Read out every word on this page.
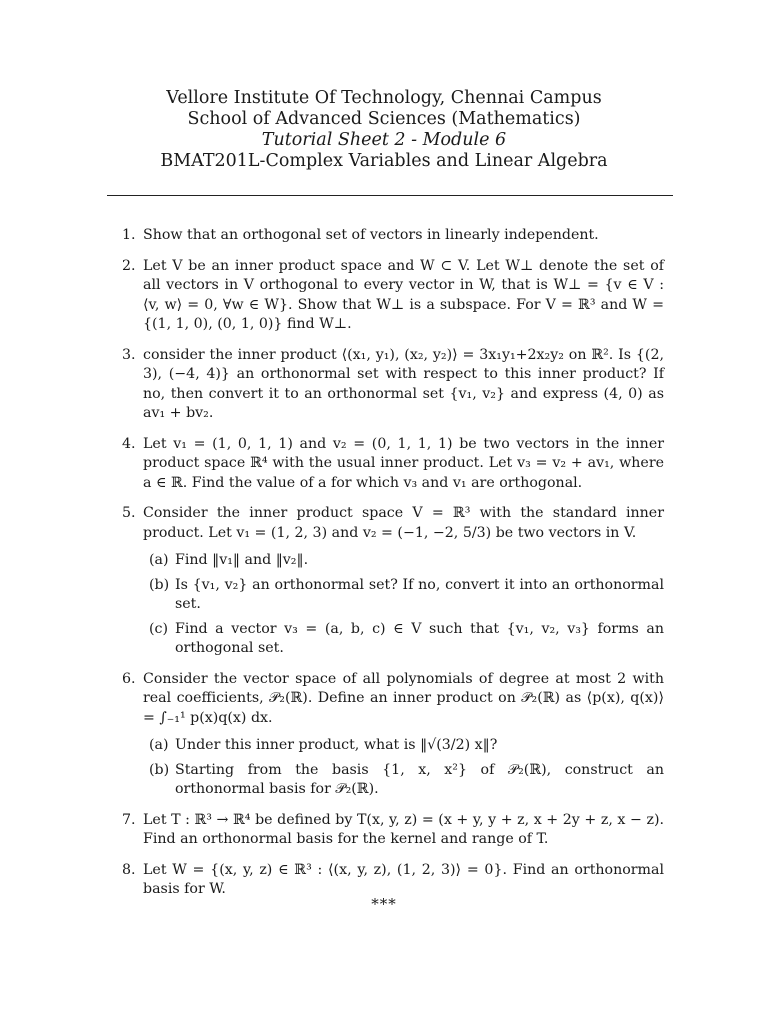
Vellore Institute Of Technology, Chennai Campus
School of Advanced Sciences (Mathematics)
Tutorial Sheet 2 - Module 6
BMAT201L-Complex Variables and Linear Algebra
1. Show that an orthogonal set of vectors in linearly independent.
2. Let V be an inner product space and W ⊂ V. Let W⊥ denote the set of all vectors in V orthogonal to every vector in W, that is W⊥ = {v ∈ V : ⟨v, w⟩ = 0, ∀w ∈ W}. Show that W⊥ is a subspace. For V = ℝ³ and W = {(1, 1, 0), (0, 1, 0)} find W⊥.
3. consider the inner product ⟨(x₁, y₁), (x₂, y₂)⟩ = 3x₁y₁+2x₂y₂ on ℝ². Is {(2, 3), (−4, 4)} an orthonormal set with respect to this inner product? If no, then convert it to an orthonormal set {v₁, v₂} and express (4, 0) as av₁ + bv₂.
4. Let v₁ = (1, 0, 1, 1) and v₂ = (0, 1, 1, 1) be two vectors in the inner product space ℝ⁴ with the usual inner product. Let v₃ = v₂ + av₁, where a ∈ ℝ. Find the value of a for which v₃ and v₁ are orthogonal.
5. Consider the inner product space V = ℝ³ with the standard inner product. Let v₁ = (1, 2, 3) and v₂ = (−1, −2, 5/3) be two vectors in V.
(a) Find ‖v₁‖ and ‖v₂‖.
(b) Is {v₁, v₂} an orthonormal set? If no, convert it into an orthonormal set.
(c) Find a vector v₃ = (a, b, c) ∈ V such that {v₁, v₂, v₃} forms an orthogonal set.
6. Consider the vector space of all polynomials of degree at most 2 with real coefficients, 𝒫₂(ℝ). Define an inner product on 𝒫₂(ℝ) as ⟨p(x), q(x)⟩ = ∫₋₁¹ p(x)q(x) dx.
(a) Under this inner product, what is ‖√(3/2) x‖?
(b) Starting from the basis {1, x, x²} of 𝒫₂(ℝ), construct an orthonormal basis for 𝒫₂(ℝ).
7. Let T : ℝ³ → ℝ⁴ be defined by T(x, y, z) = (x + y, y + z, x + 2y + z, x − z). Find an orthonormal basis for the kernel and range of T.
8. Let W = {(x, y, z) ∈ ℝ³ : ⟨(x, y, z), (1, 2, 3)⟩ = 0}. Find an orthonormal basis for W.
***
